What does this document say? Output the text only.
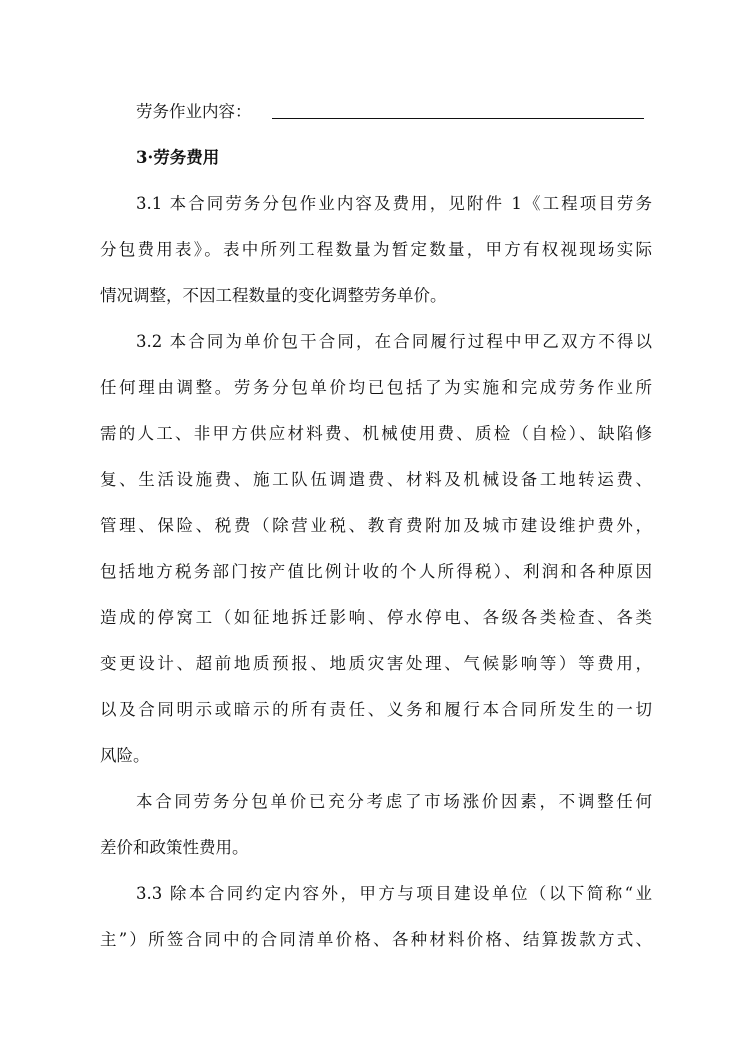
劳务作业内容：
3·劳务费用
3.1 本合同劳务分包作业内容及费用，见附件 1《工程项目劳务
分包费用表》。表中所列工程数量为暂定数量，甲方有权视现场实际
情况调整，不因工程数量的变化调整劳务单价。
3.2 本合同为单价包干合同，在合同履行过程中甲乙双方不得以
任何理由调整。劳务分包单价均已包括了为实施和完成劳务作业所
需的人工、非甲方供应材料费、机械使用费、质检（自检）、缺陷修
复、生活设施费、施工队伍调遣费、材料及机械设备工地转运费、
管理、保险、税费（除营业税、教育费附加及城市建设维护费外，
包括地方税务部门按产值比例计收的个人所得税）、利润和各种原因
造成的停窝工（如征地拆迁影响、停水停电、各级各类检查、各类
变更设计、超前地质预报、地质灾害处理、气候影响等）等费用，
以及合同明示或暗示的所有责任、义务和履行本合同所发生的一切
风险。
本合同劳务分包单价已充分考虑了市场涨价因素，不调整任何
差价和政策性费用。
3.3 除本合同约定内容外，甲方与项目建设单位（以下简称“业
主”）所签合同中的合同清单价格、各种材料价格、结算拨款方式、
